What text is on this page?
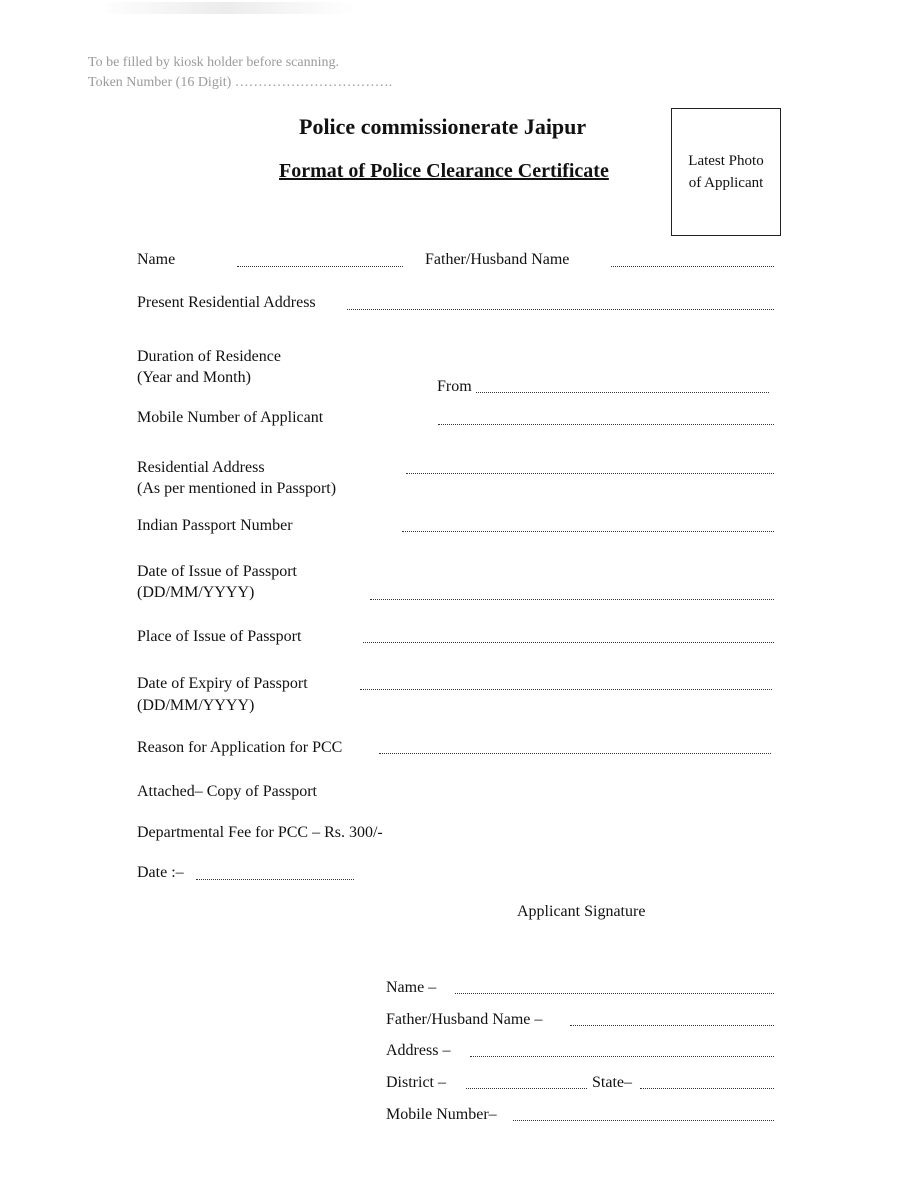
To be filled by kiosk holder before scanning.
Token Number (16 Digit) …………………………….
Police commissionerate Jaipur
Format of Police Clearance Certificate	Latest Photo
of Applicant
Name	Father/Husband Name
Present Residential Address
Duration of Residence
(Year and Month)
From
Mobile Number of Applicant
Residential Address
(As per mentioned in Passport)
Indian Passport Number
Date of Issue of Passport
(DD/MM/YYYY)
Place of Issue of Passport
Date of Expiry of Passport
(DD/MM/YYYY)
Reason for Application for PCC
Attached– Copy of Passport
Departmental Fee for PCC – Rs. 300/-
Date :–
Applicant Signature
Name –
Father/Husband Name –
Address –
District –	State–
Mobile Number–
